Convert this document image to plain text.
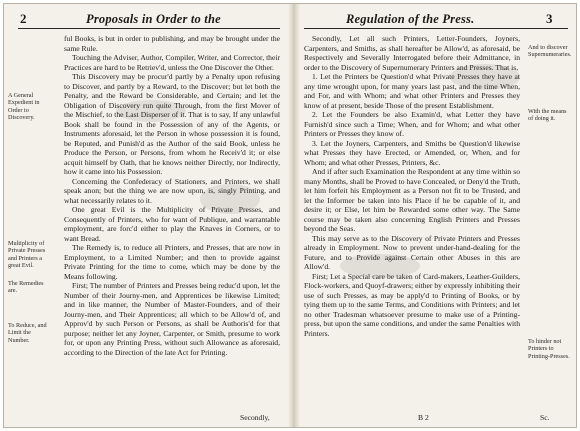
2	Proposals in Order to the
A General Expedient in Order to Discovery.
Multiplicity of Private Presses and Printers a great Evil.
The Remedies are.
To Reduce, and Limit the Number.

ful Books, is but in order to publishing, and may be brought under the same Rule.

Touching the Adviser, Author, Compiler, Writer, and Corrector, their Practices are hard to be Retriev'd, unless the One Discover the Other.

This Discovery may be procur'd partly by a Penalty upon refusing to Discover, and partly by a Reward, to the Discover; but let both the Penalty, and the Reward be Considerable, and Certain; and let the Obligation of Discovery run quite Through, from the first Mover of the Mischief, to the Last Disperser of it. That is to say, If any unlawful Book shall be found in the Possession of any of the Agents, or Instruments aforesaid, let the Person in whose possession it is found, be Reputed, and Punish'd as the Author of the said Book, unless he Produce the Person, or Persons, from whom he Receiv'd it; or else acquit himself by Oath, that he knows neither Directly, nor Indirectly, how it came into his Possession.

Concerning the Confederacy of Stationers, and Printers, we shall speak anon; but the thing we are now upon, is, singly Printing, and what necessarily relates to it.

One great Evil is the Multiplicity of Private Presses, and Consequently of Printers, who for want of Publique, and warrantable employment, are forc'd either to play the Knaves in Corners, or to want Bread.

The Remedy is, to reduce all Printers, and Presses, that are now in Employment, to a Limited Number; and then to provide against Private Printing for the time to come, which may be done by the Means following.

First; The number of Printers and Presses being reduc'd upon, let the Number of their Journy-men, and Apprentices be likewise Limited; and in like manner, the Number of Master-Founders, and of their Journy-men, and Their Apprentices; all which to be Allow'd of, and Approv'd by such Person or Persons, as shall be Authoris'd for that purpose; neither let any Joyner, Carpenter, or Smith, presume to work for, or upon any Printing Press, without such Allowance as aforesaid, according to the Direction of the late Act for Printing.

Secondly,
Regulation of the Press.	3

Secondly, Let all such Printers, Letter-Founders, Joyners, Carpenters, and Smiths, as shall hereafter be Allow'd, as aforesaid, be Respectively and Severally Interrogated before their Admittance, in order to the Discovery of Supernumerary Printers and Presses. That is,

1. Let the Printers be Question'd what Private Presses they have at any time wrought upon, for many years last past, and the time When, and For, and with Whom; and what other Printers and Presses they know of at present, beside Those of the present Establishment.

2. Let the Founders be also Examin'd, what Letter they have Furnish'd since such a Time; When, and for Whom; and what other Printers or Presses they know of.

3. Let the Joyners, Carpenters, and Smiths be Question'd likewise what Presses they have Erected, or Amended, or, When, and for Whom; and what other Presses, Printers, &c.

And if after such Examination the Respondent at any time within so many Months, shall be Proved to have Concealed, or Deny'd the Truth, let him forfeit his Employment as a Person not fit to be Trusted, and let the Informer be taken into his Place if he be capable of it, and desire it; or Else, let him be Rewarded some other way. The Same course may be taken also concerning English Printers and Presses beyond the Seas.

This may serve as to the Discovery of Private Printers and Presses already in Employment. Now to prevent under-hand-dealing for the Future, and to Provide against Certain other Abuses in this are Allow'd.

First; Let a Special care be taken of Card-makers, Leather-Guilders, Flock-workers, and Quoyf-drawers; either by expressly inhibiting their use of such Presses, as may be apply'd to Printing of Books, or by tying them up to the same Terms, and Conditions with Printers; and let no other Tradesman whatsoever presume to make use of a Printing-press, but upon the same conditions, and under the same Penalties with Printers.

And to discover Supernumeraries.
With the means of doing it.
To hinder not Printers to Printing-Presses.
B 2	Sc.
